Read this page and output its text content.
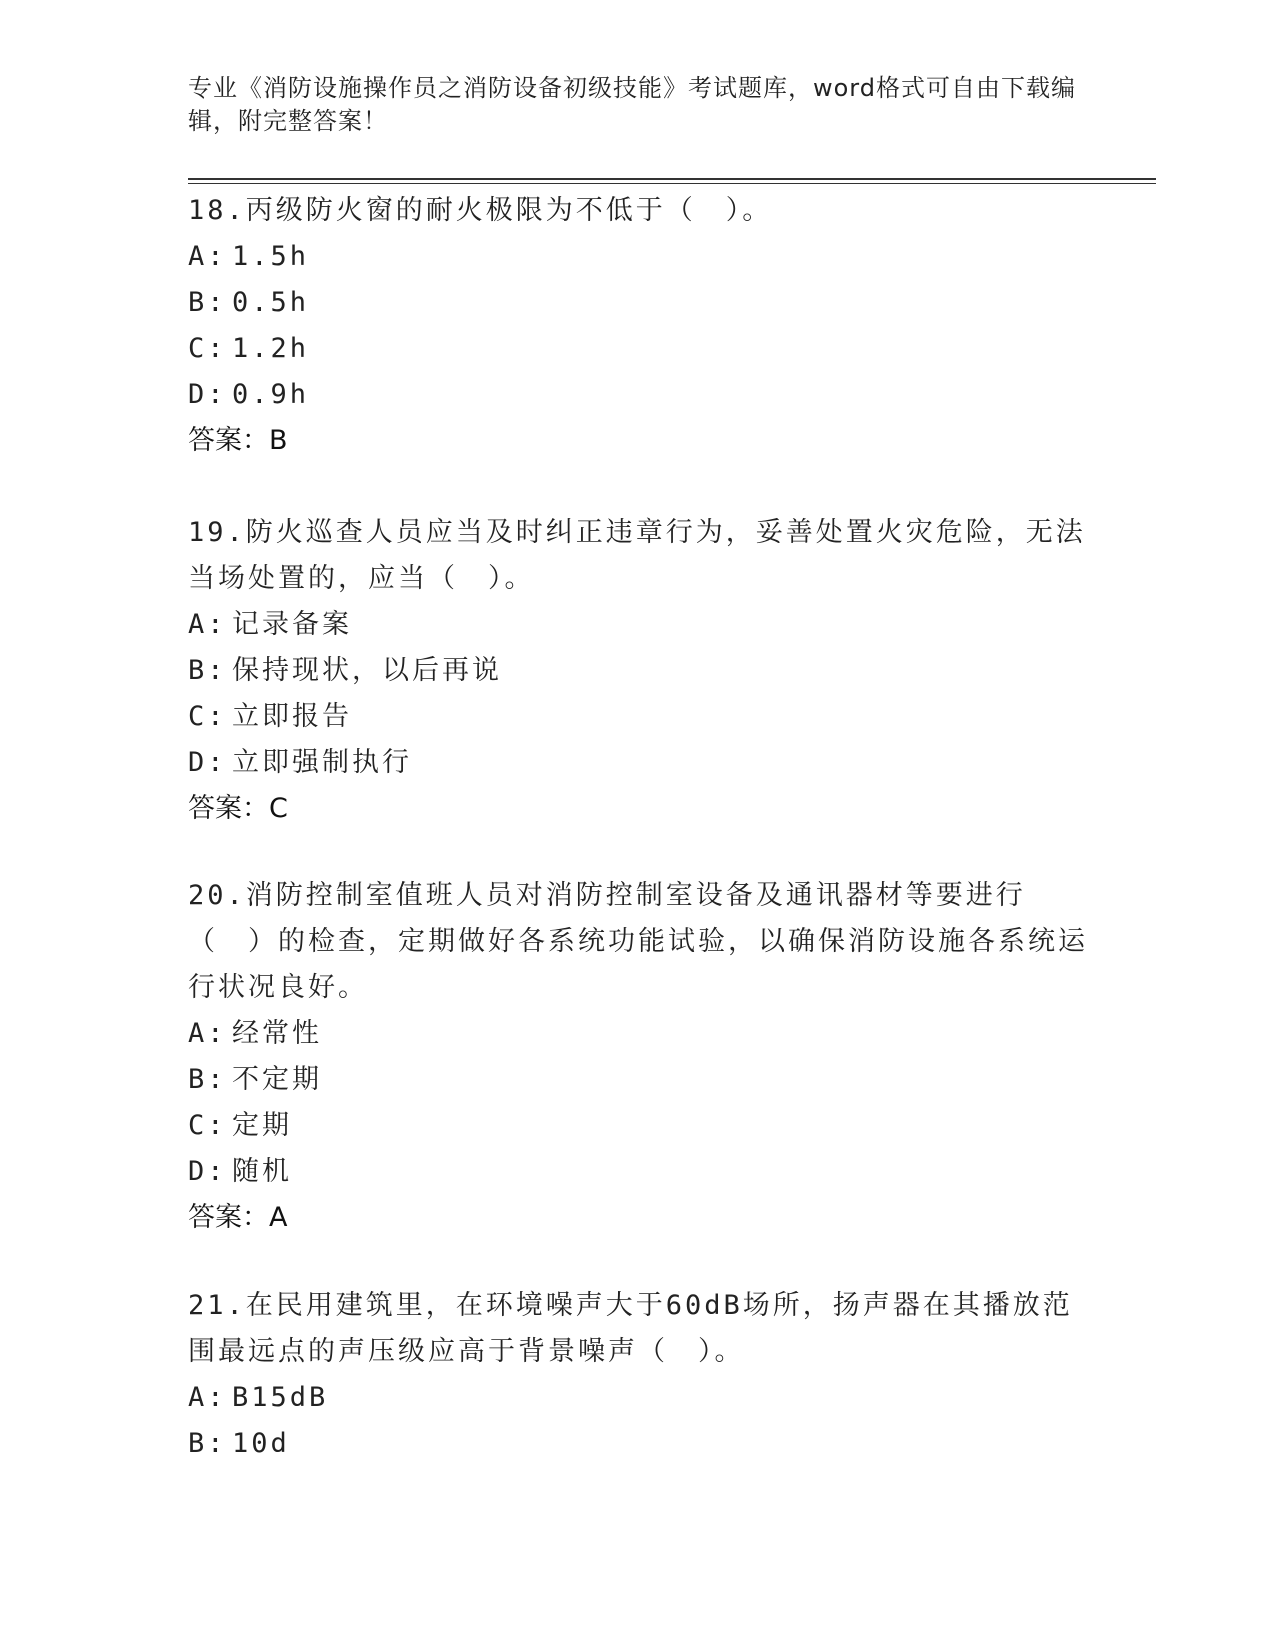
专业《消防设施操作员之消防设备初级技能》考试题库，word格式可自由下载编辑，附完整答案！

18.丙级防火窗的耐火极限为不低于（　）。

A: 1.5h
B: 0.5h
C: 1.2h
D: 0.9h

答案：B

19.防火巡查人员应当及时纠正违章行为，妥善处置火灾危险，无法当场处置的，应当（　）。

A: 记录备案
B: 保持现状，以后再说
C: 立即报告
D: 立即强制执行

答案：C

20.消防控制室值班人员对消防控制室设备及通讯器材等要进行（　）的检查，定期做好各系统功能试验，以确保消防设施各系统运行状况良好。

A: 经常性
B: 不定期
C: 定期
D: 随机

答案：A

21.在民用建筑里，在环境噪声大于60dB场所，扬声器在其播放范围最远点的声压级应高于背景噪声（　）。

A: B15dB
B: 10d
